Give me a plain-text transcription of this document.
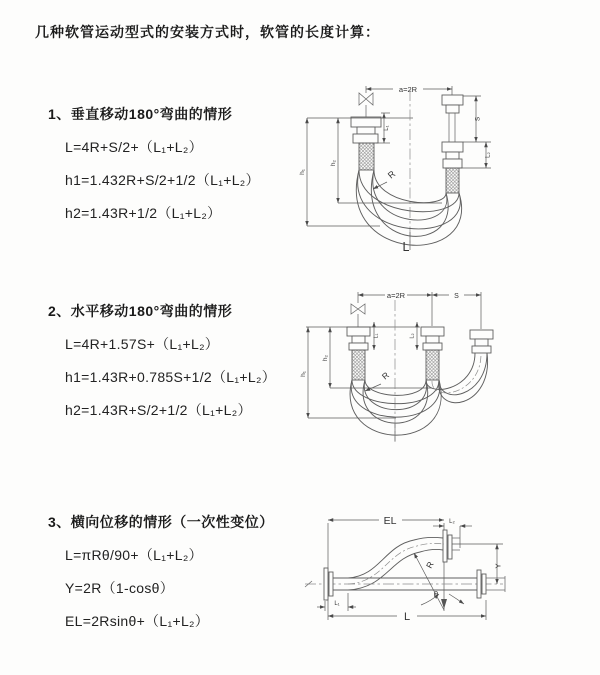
几种软管运动型式的安装方式时，软管的长度计算：
1、垂直移动180°弯曲的情形
L=4R+S/2+（L₁+L₂）
h1=1.432R+S/2+1/2（L₁+L₂）
h2=1.43R+1/2（L₁+L₂）
2、水平移动180°弯曲的情形
L=4R+1.57S+（L₁+L₂）
h1=1.43R+0.785S+1/2（L₁+L₂）
h2=1.43R+S/2+1/2（L₁+L₂）
3、横向位移的情形（一次性变位）
L=πRθ/90+（L₁+L₂）
Y=2R（1-cosθ）
EL=2Rsinθ+（L₁+L₂）
a=2R
L₁
S
L₂
h₁
h₂
R
L
a=2R	S
L₁	L₂
h₁
h₂
R
EL	L₂
Y
L
L₁
R
θ
